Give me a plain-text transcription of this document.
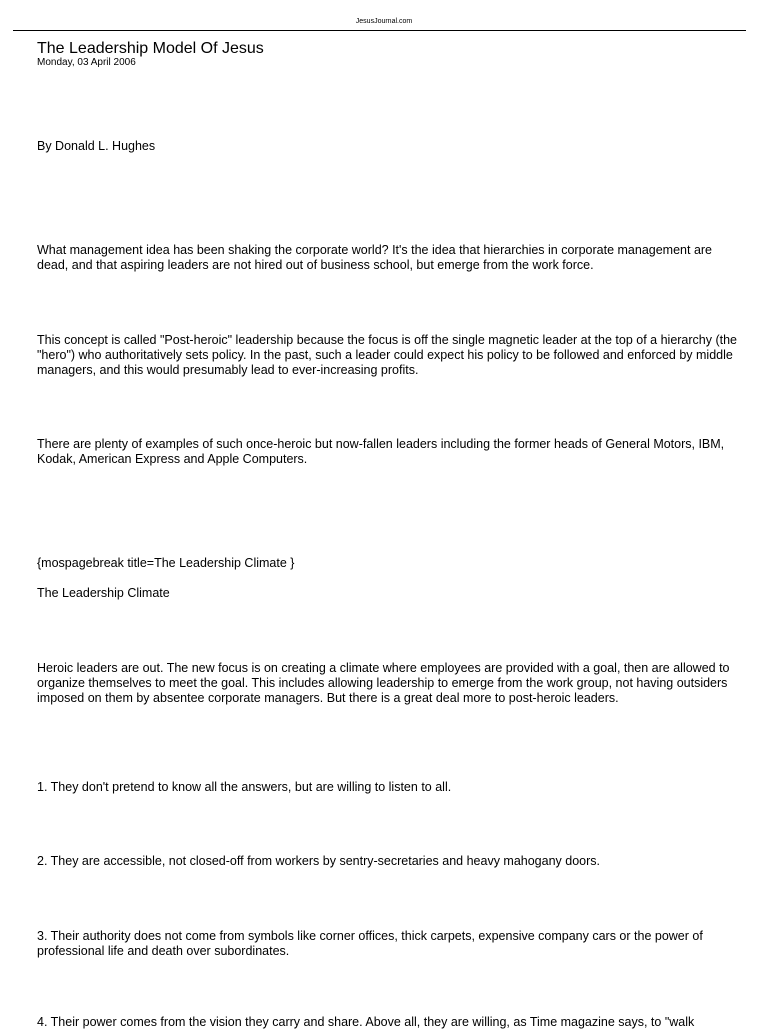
JesusJournal.com
The Leadership Model Of Jesus
Monday, 03 April 2006

By Donald L. Hughes

What management idea has been shaking the corporate world? It's the idea that hierarchies in corporate management are dead, and that aspiring leaders are not hired out of business school, but emerge from the work force.

This concept is called "Post-heroic" leadership because the focus is off the single magnetic leader at the top of a hierarchy (the "hero") who authoritatively sets policy. In the past, such a leader could expect his policy to be followed and enforced by middle managers, and this would presumably lead to ever-increasing profits.

There are plenty of examples of such once-heroic but now-fallen leaders including the former heads of General Motors, IBM, Kodak, American Express and Apple Computers.

{mospagebreak title=The Leadership Climate }

The Leadership Climate

Heroic leaders are out. The new focus is on creating a climate where employees are provided with a goal, then are allowed to organize themselves to meet the goal. This includes allowing leadership to emerge from the work group, not having outsiders imposed on them by absentee corporate managers. But there is a great deal more to post-heroic leaders.

1. They don't pretend to know all the answers, but are willing to listen to all.

2. They are accessible, not closed-off from workers by sentry-secretaries and heavy mahogany doors.

3. Their authority does not come from symbols like corner offices, thick carpets, expensive company cars or the power of professional life and death over subordinates.

4. Their power comes from the vision they carry and share. Above all, they are willing, as Time magazine says, to "walk
